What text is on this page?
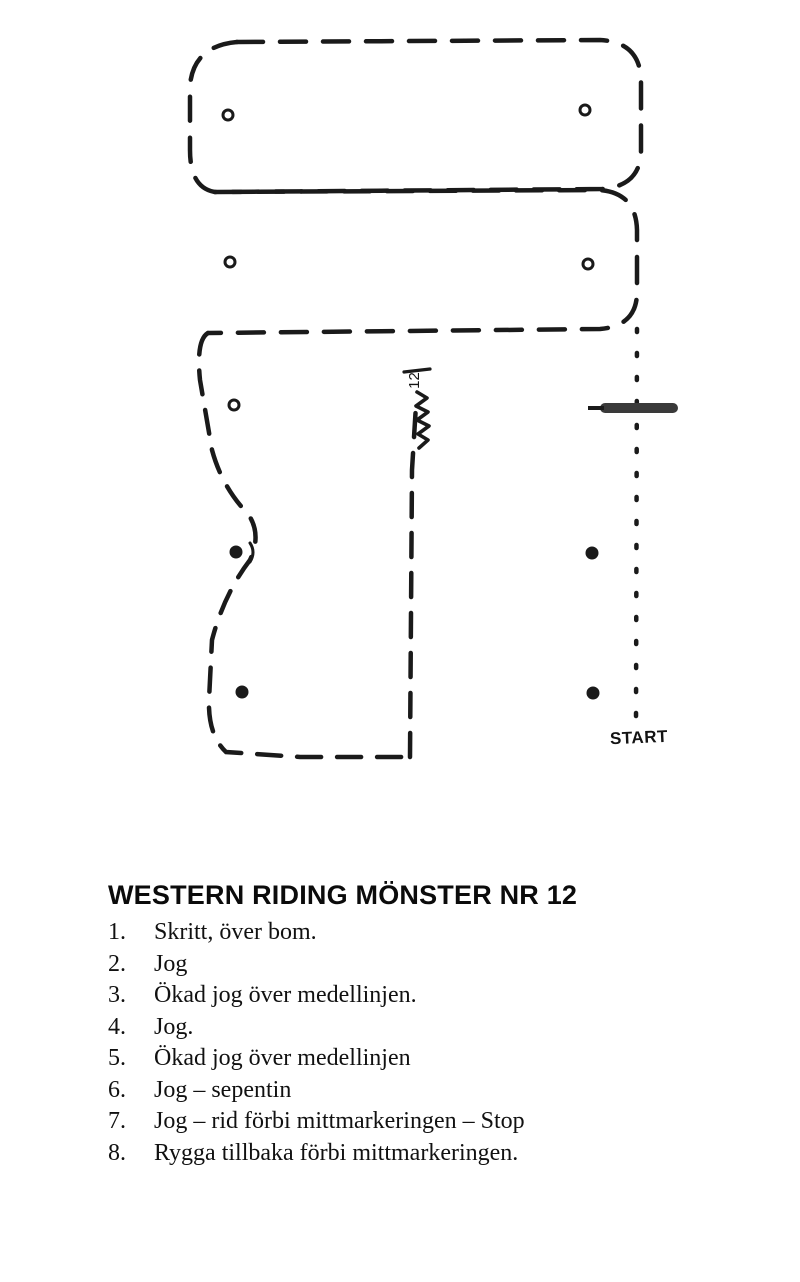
12
START
WESTERN RIDING MÖNSTER NR 12
1.	Skritt, över bom.
2.	Jog
3.	Ökad jog över medellinjen.
4.	Jog.
5.	Ökad jog över medellinjen
6.	Jog – sepentin
7.	Jog – rid förbi mittmarkeringen – Stop
8.	Rygga tillbaka förbi mittmarkeringen.
